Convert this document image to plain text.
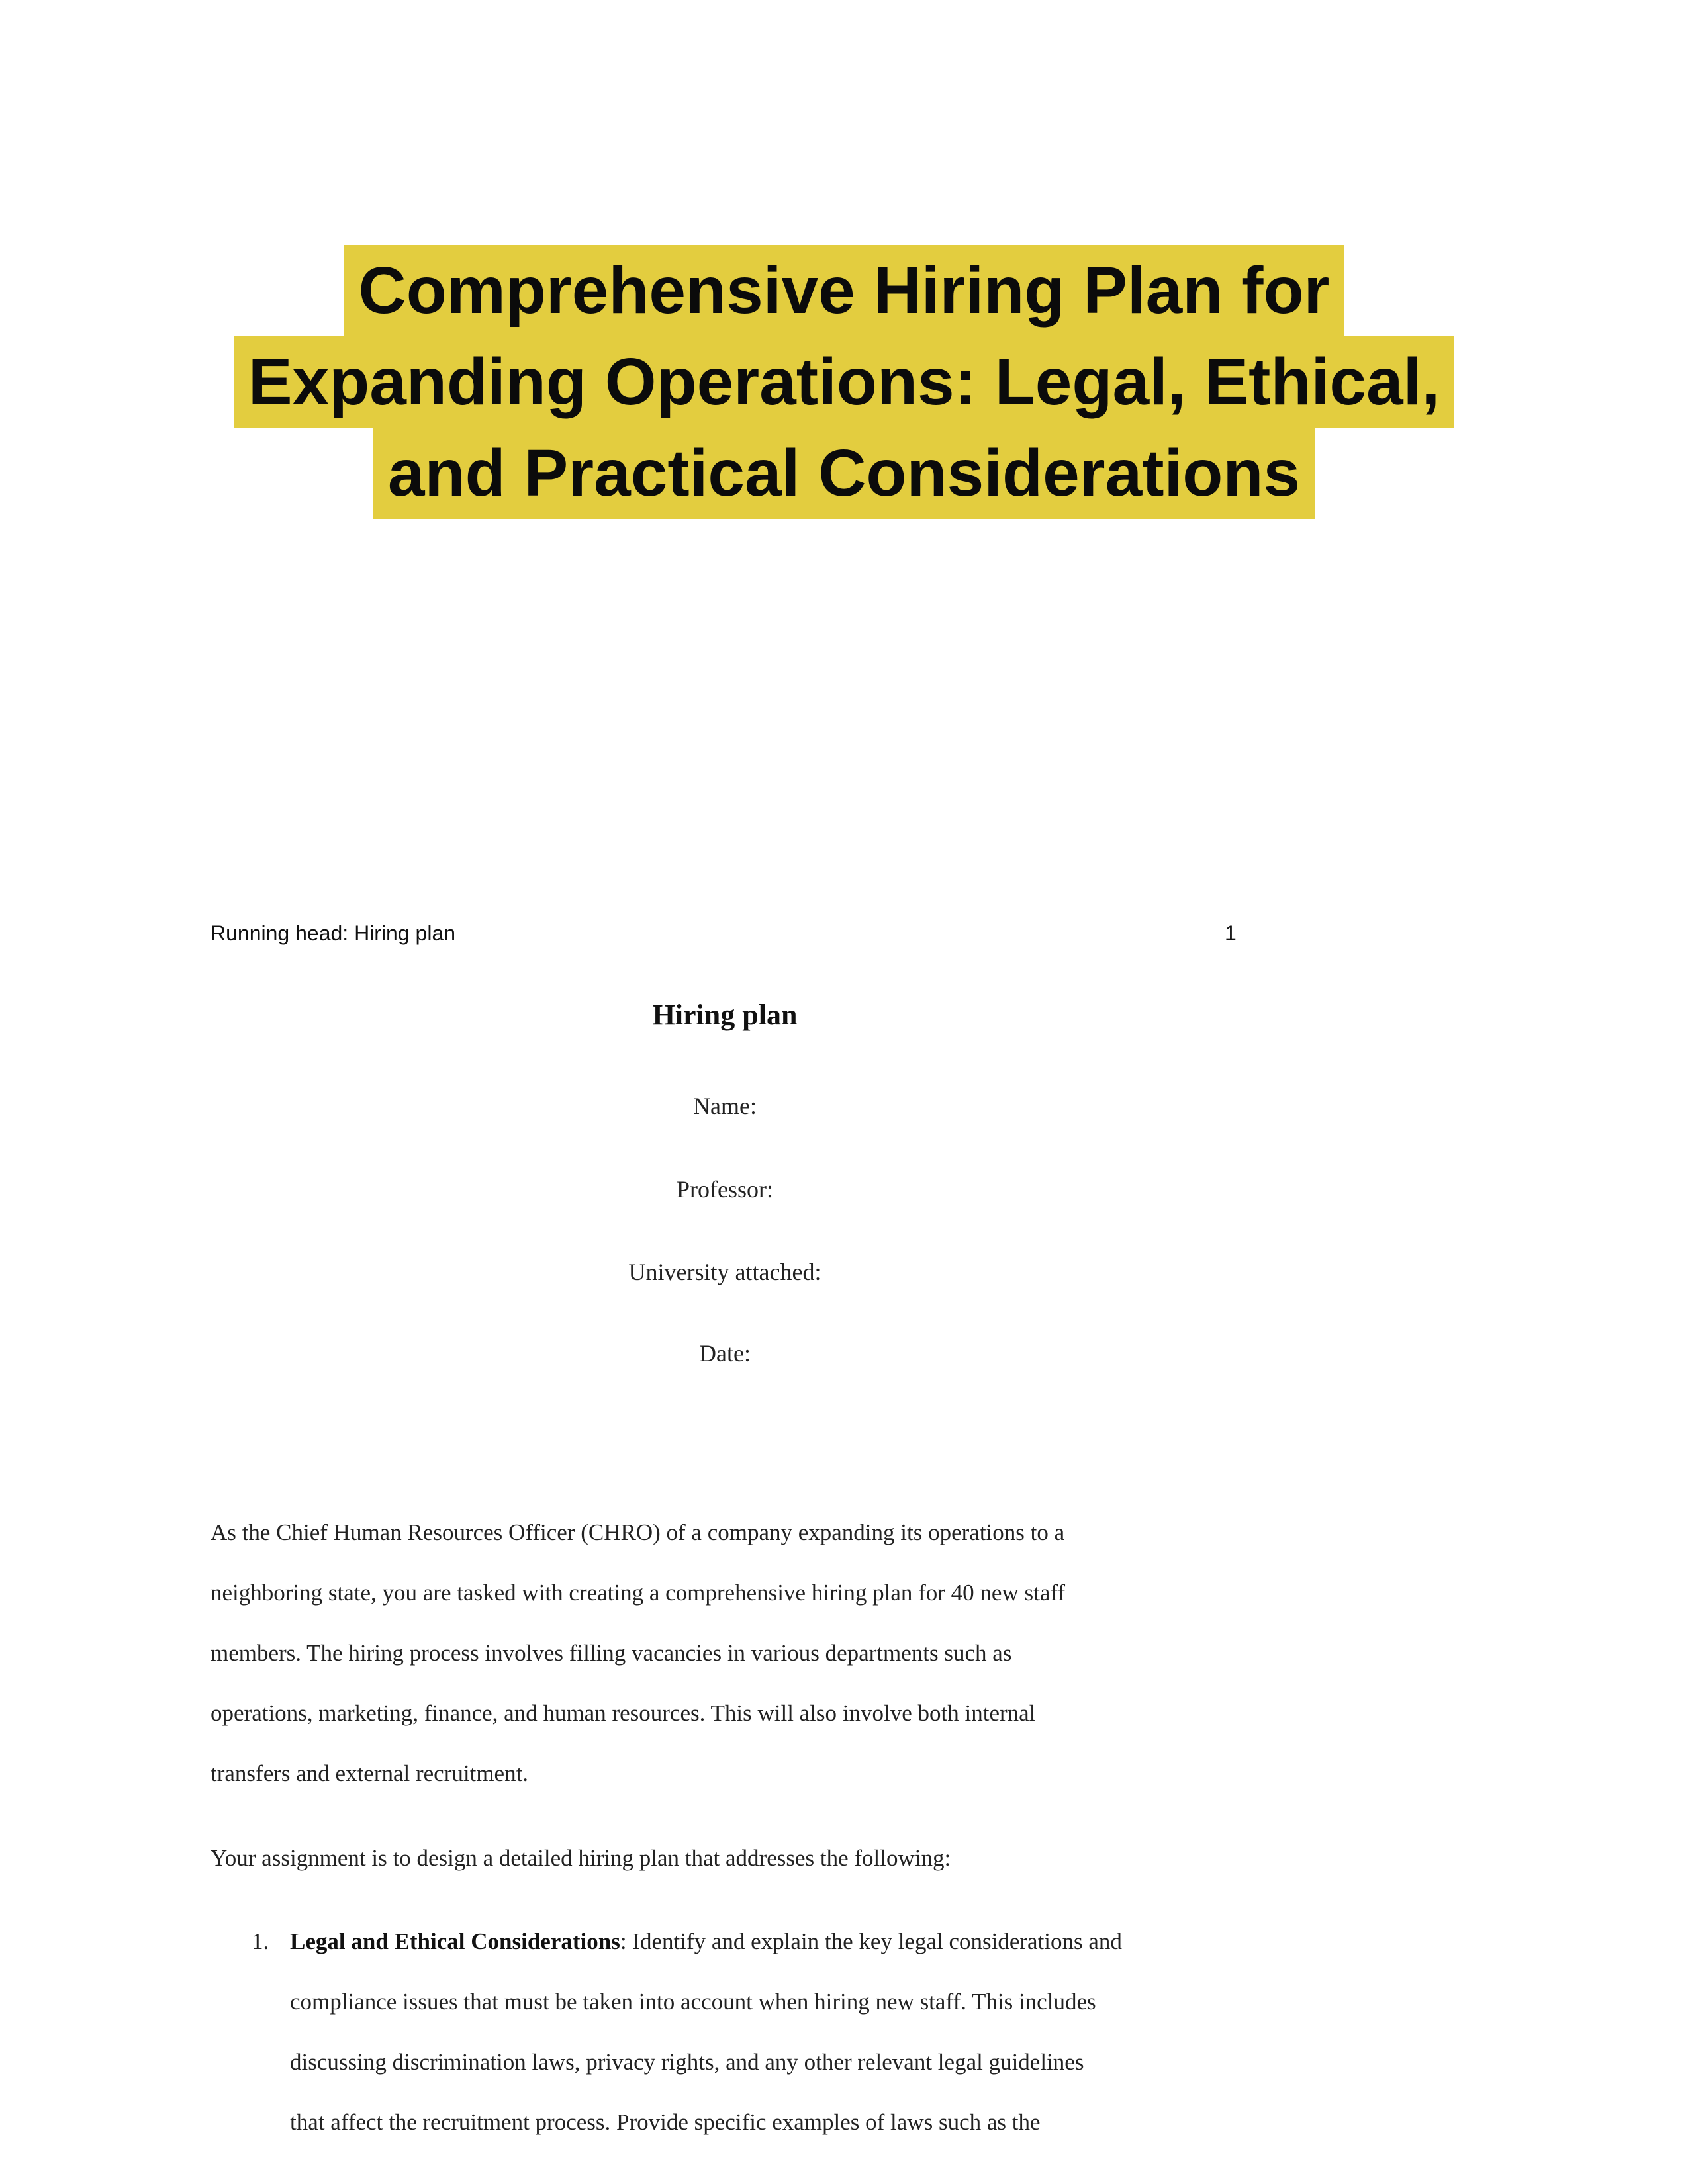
Comprehensive Hiring Plan for
Expanding Operations: Legal, Ethical,
and Practical Considerations
Running head: Hiring plan	1
Hiring plan
Name:
Professor:
University attached:
Date:
As the Chief Human Resources Officer (CHRO) of a company expanding its operations to a
neighboring state, you are tasked with creating a comprehensive hiring plan for 40 new staff
members. The hiring process involves filling vacancies in various departments such as
operations, marketing, finance, and human resources. This will also involve both internal
transfers and external recruitment.
Your assignment is to design a detailed hiring plan that addresses the following:
1. Legal and Ethical Considerations: Identify and explain the key legal considerations and
compliance issues that must be taken into account when hiring new staff. This includes
discussing discrimination laws, privacy rights, and any other relevant legal guidelines
that affect the recruitment process. Provide specific examples of laws such as the
